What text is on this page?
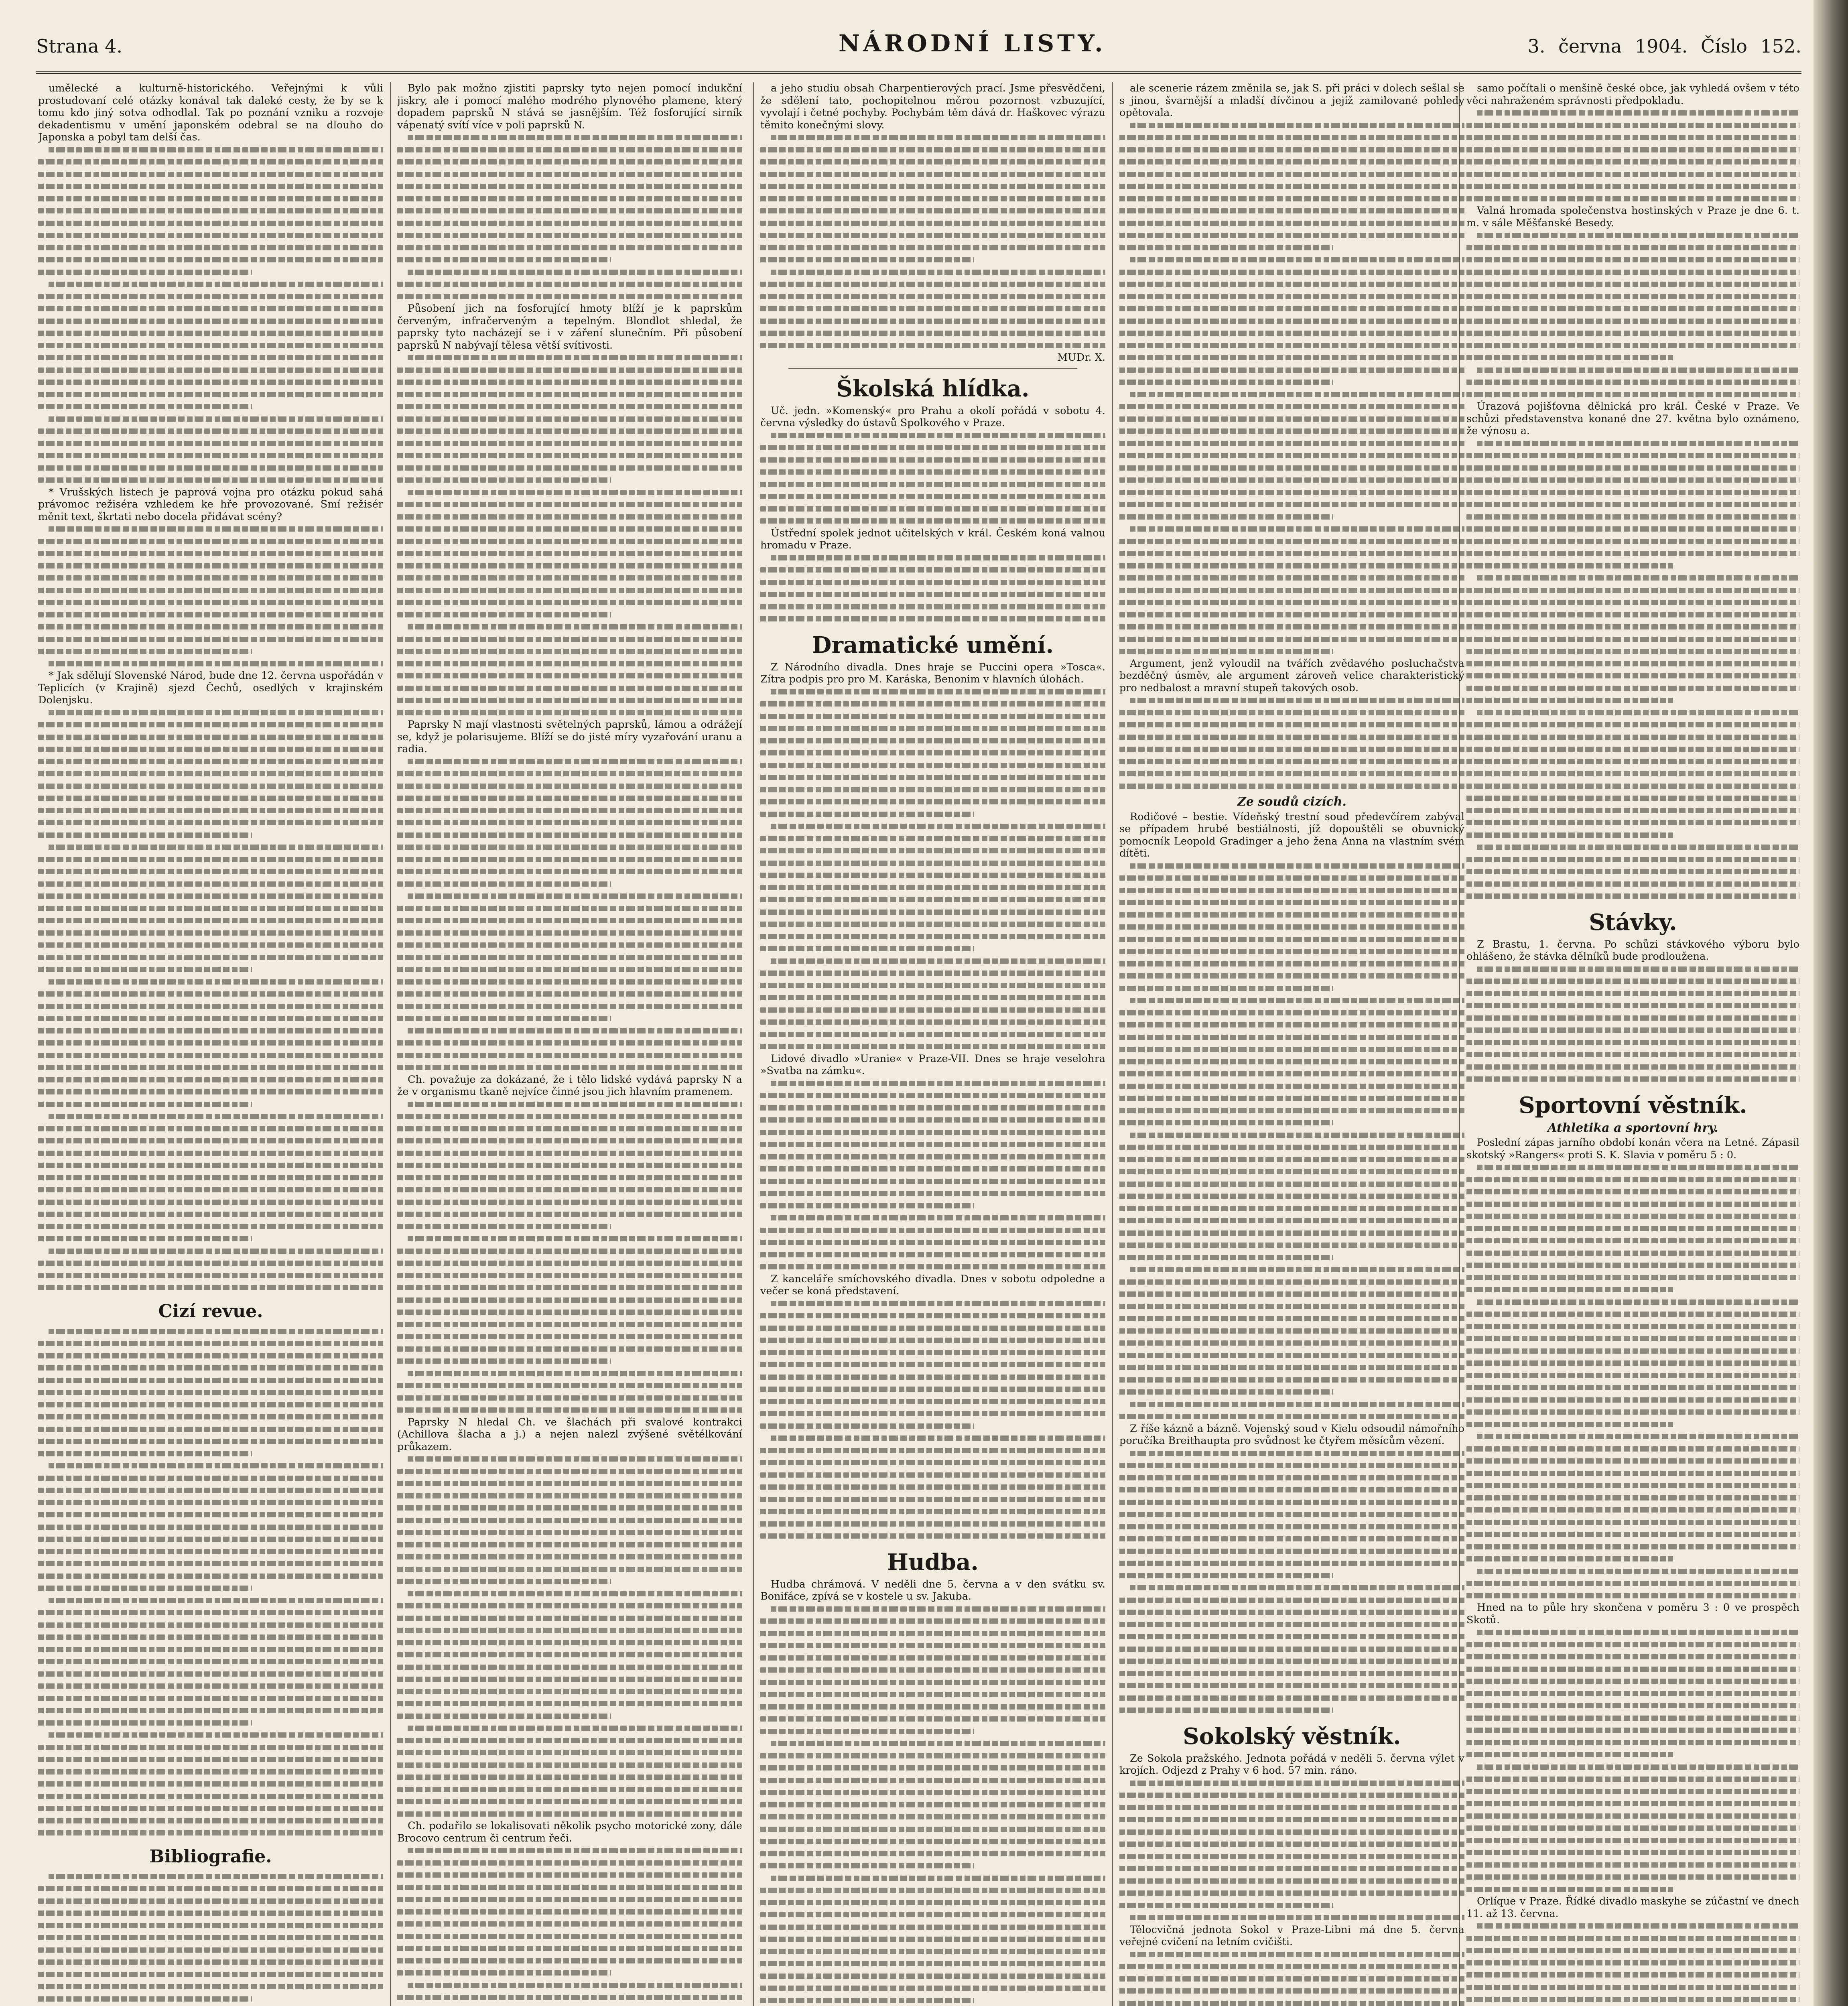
Strana 4.	NÁRODNÍ LISTY.	3. června 1904. Číslo 152.

umělecké a kulturně-historického. Veřejnými k vůli prostudovaní celé otázky konával tak daleké cesty, že by se k tomu kdo jiný sotva odhodlal. Tak po poznání vzniku a rozvoje dekadentismu v umění japonském odebral se na dlouho do Japonska a pobyl tam delší čas.

* Vrušských listech je paprová vojna pro otázku pokud sahá právomoc režiséra vzhledem ke hře provozované. Smí režisér měnit text, škrtati nebo docela přidávat scény?

* Jak sdělují Slovenské Národ, bude dne 12. června uspořádán v Teplicích (v Krajině) sjezd Čechů, osedlých v krajinském Dolenjsku.

Cizí revue.
Bibliografie.

Bylo pak možno zjistiti paprsky tyto nejen pomocí indukční jiskry, ale i pomocí malého modrého plynového plamene, který dopadem paprsků N stává se jasnějším. Též fosforující sirník vápenatý svítí více v poli paprsků N.

Působení jich na fosforující hmoty blíží je k paprskům červeným, infračerveným a tepelným. Blondlot shledal, že paprsky tyto nacházejí se i v záření slunečním. Při působení paprsků N nabývají tělesa větší svítivosti.

Paprsky N mají vlastnosti světelných paprsků, lámou a odrážejí se, když je polarisujeme. Blíží se do jisté míry vyzařování uranu a radia.

Ch. považuje za dokázané, že i tělo lidské vydává paprsky N a že v organismu tkaně nejvíce činné jsou jich hlavním pramenem.

Paprsky N hledal Ch. ve šlachách při svalové kontrakci (Achillova šlacha a j.) a nejen nalezl zvýšené světélkování průkazem.

Ch. podařilo se lokalisovati několik psycho motorické zony, dále Brocovo centrum či centrum řeči.

a jeho studiu obsah Charpentierových prací. Jsme přesvědčeni, že sdělení tato, pochopitelnou měrou pozornost vzbuzující, vyvolají i četné pochyby. Pochybám těm dává dr. Haškovec výrazu těmito konečnými slovy.

MUDr. X.

Školská hlídka.

Uč. jedn. »Komenský« pro Prahu a okolí pořádá v sobotu 4. června výsledky do ústavů Spolkového v Praze.

Ústřední spolek jednot učitelských v král. Českém koná valnou hromadu v Praze.

Dramatické umění.

Z Národního divadla. Dnes hraje se Puccini opera »Tosca«. Zítra podpis pro pro M. Karáska, Benonim v hlavních úlohách.

Lidové divadlo »Uranie« v Praze-VII. Dnes se hraje veselohra »Svatba na zámku«.

Z kanceláře smíchovského divadla. Dnes v sobotu odpoledne a večer se koná představení.

Hudba.

Hudba chrámová. V neděli dne 5. června a v den svátku sv. Bonifáce, zpívá se v kostele u sv. Jakuba.

ale scenerie rázem změnila se, jak S. při práci v dolech sešlal se s jinou, švarnější a mladší dívčinou a jejíž zamilované pohledy opětovala.

Argument, jenž vyloudil na tvářích zvědavého posluchačstva bezděčný úsměv, ale argument zároveň velice charakteristický pro nedbalost a mravní stupeň takových osob.

Ze soudů cizích.

Rodičové – bestie. Vídeňský trestní soud předevčírem zabýval se případem hrubé bestiálnosti, jíž dopouštěli se obuvnický pomocník Leopold Gradinger a jeho žena Anna na vlastním svém dítěti.

Z říše kázně a bázně. Vojenský soud v Kielu odsoudil námořního poručíka Breithaupta pro svůdnost ke čtyřem měsícům vězení.

Sokolský věstník.

Ze Sokola pražského. Jednota pořádá v neděli 5. června výlet v krojích. Odjezd z Prahy v 6 hod. 57 min. ráno.

Tělocvičná jednota Sokol v Praze-Libni má dne 5. června veřejné cvičení na letním cvičišti.

samo počítali o menšině české obce, jak vyhledá ovšem v této věci nahraženém správnosti předpokladu.

Valná hromada společenstva hostinských v Praze je dne 6. t. m. v sále Měšťanské Besedy.

Úrazová pojišťovna dělnická pro král. České v Praze. Ve schůzi představenstva konané dne 27. května bylo oznámeno, že výnosu a.

Stávky.

Z Brastu, 1. června. Po schůzi stávkového výboru bylo ohlášeno, že stávka dělníků bude prodloužena.

Sportovní věstník.
Athletika a sportovní hry.

Poslední zápas jarního období konán včera na Letné. Zápasil skotský »Rangers« proti S. K. Slavia v poměru 5 : 0.

Hned na to půle hry skončena v poměru 3 : 0 ve prospěch Skotů.

Orlíque v Praze. Řídké divadlo maskyhe se zúčastní ve dnech 11. až 13. června.
